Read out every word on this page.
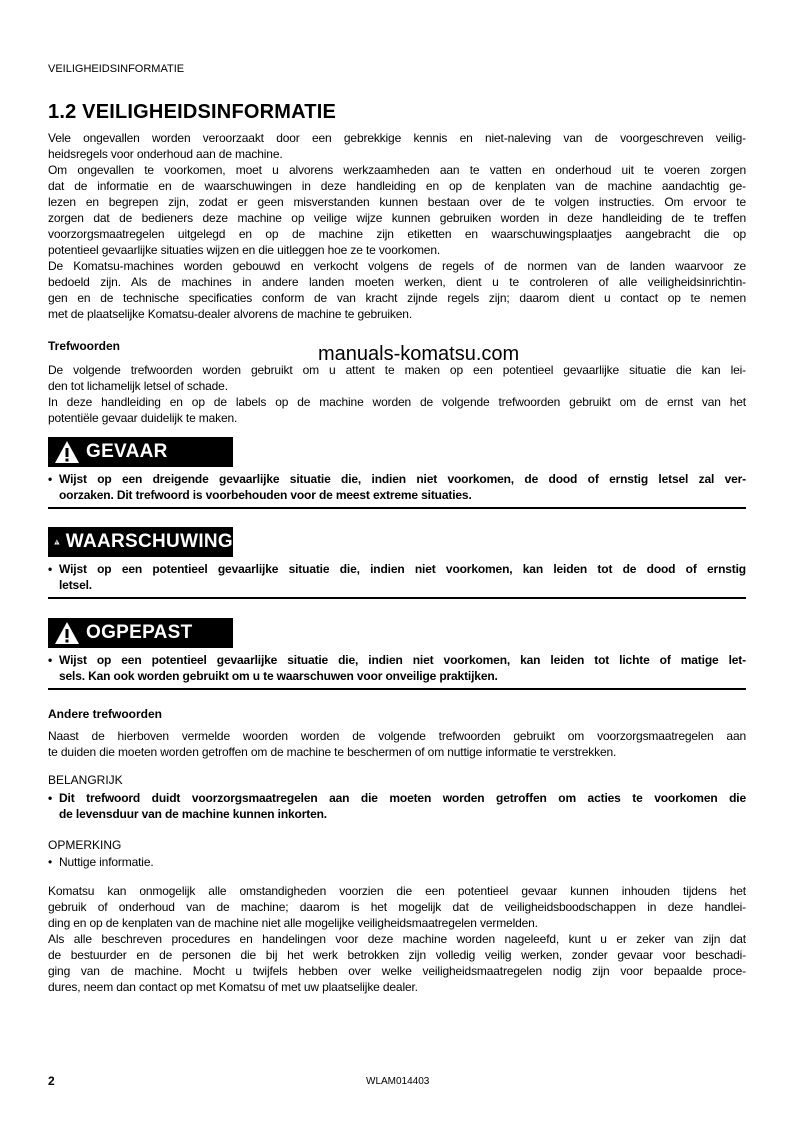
VEILIGHEIDSINFORMATIE
1.2 VEILIGHEIDSINFORMATIE
Vele ongevallen worden veroorzaakt door een gebrekkige kennis en niet-naleving van de voorgeschreven veilig-
heidsregels voor onderhoud aan de machine.
Om ongevallen te voorkomen, moet u alvorens werkzaamheden aan te vatten en onderhoud uit te voeren zorgen
dat de informatie en de waarschuwingen in deze handleiding en op de kenplaten van de machine aandachtig ge-
lezen en begrepen zijn, zodat er geen misverstanden kunnen bestaan over de te volgen instructies. Om ervoor te
zorgen dat de bedieners deze machine op veilige wijze kunnen gebruiken worden in deze handleiding de te treffen
voorzorgsmaatregelen uitgelegd en op de machine zijn etiketten en waarschuwingsplaatjes aangebracht die op
potentieel gevaarlijke situaties wijzen en die uitleggen hoe ze te voorkomen.
De Komatsu-machines worden gebouwd en verkocht volgens de regels of de normen van de landen waarvoor ze
bedoeld zijn. Als de machines in andere landen moeten werken, dient u te controleren of alle veiligheidsinrichtin-
gen en de technische specificaties conform de van kracht zijnde regels zijn; daarom dient u contact op te nemen
met de plaatselijke Komatsu-dealer alvorens de machine te gebruiken.
Trefwoorden	manuals-komatsu.com
De volgende trefwoorden worden gebruikt om u attent te maken op een potentieel gevaarlijke situatie die kan lei-
den tot lichamelijk letsel of schade.
In deze handleiding en op de labels op de machine worden de volgende trefwoorden gebruikt om de ernst van het
potentiële gevaar duidelijk te maken.
GEVAAR
• Wijst op een dreigende gevaarlijke situatie die, indien niet voorkomen, de dood of ernstig letsel zal ver-
oorzaken. Dit trefwoord is voorbehouden voor de meest extreme situaties.
WAARSCHUWING
• Wijst op een potentieel gevaarlijke situatie die, indien niet voorkomen, kan leiden tot de dood of ernstig
letsel.
OGPEPAST
• Wijst op een potentieel gevaarlijke situatie die, indien niet voorkomen, kan leiden tot lichte of matige let-
sels. Kan ook worden gebruikt om u te waarschuwen voor onveilige praktijken.
Andere trefwoorden
Naast de hierboven vermelde woorden worden de volgende trefwoorden gebruikt om voorzorgsmaatregelen aan
te duiden die moeten worden getroffen om de machine te beschermen of om nuttige informatie te verstrekken.
BELANGRIJK
• Dit trefwoord duidt voorzorgsmaatregelen aan die moeten worden getroffen om acties te voorkomen die
de levensduur van de machine kunnen inkorten.
OPMERKING
• Nuttige informatie.
Komatsu kan onmogelijk alle omstandigheden voorzien die een potentieel gevaar kunnen inhouden tijdens het
gebruik of onderhoud van de machine; daarom is het mogelijk dat de veiligheidsboodschappen in deze handlei-
ding en op de kenplaten van de machine niet alle mogelijke veiligheidsmaatregelen vermelden.
Als alle beschreven procedures en handelingen voor deze machine worden nageleefd, kunt u er zeker van zijn dat
de bestuurder en de personen die bij het werk betrokken zijn volledig veilig werken, zonder gevaar voor beschadi-
ging van de machine. Mocht u twijfels hebben over welke veiligheidsmaatregelen nodig zijn voor bepaalde proce-
dures, neem dan contact op met Komatsu of met uw plaatselijke dealer.
2	WLAM014403
